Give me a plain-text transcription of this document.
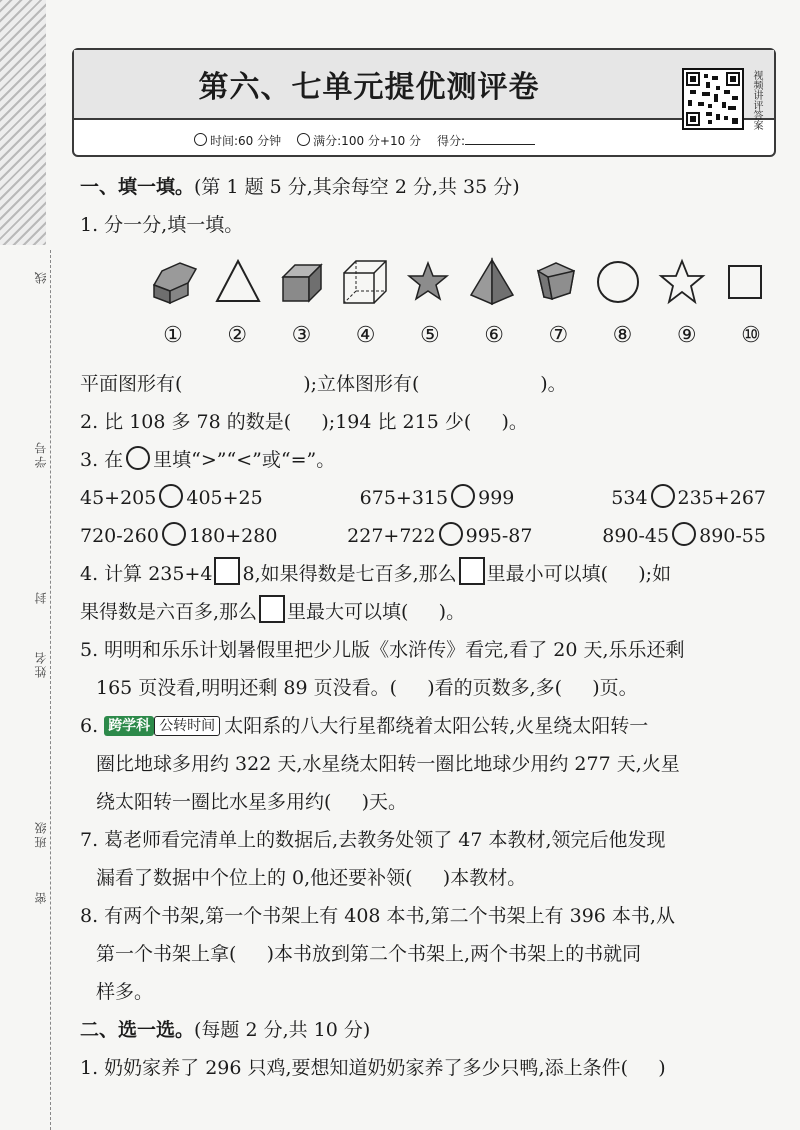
线
学号
封
姓名
班级
密
第六、七单元提优测评卷	视频讲评答案
时间:60 分钟	满分:100 分+10 分 得分:
一、填一填。(第 1 题 5 分,其余每空 2 分,共 35 分)
1. 分一分,填一填。
①	②	③	④	⑤	⑥	⑦	⑧	⑨	⑩
平面图形有(                    );立体图形有(                    )。
2. 比 108 多 78 的数是(     );194 比 215 少(     )。
3. 在 里填“>”“<”或“=”。
45+205 405+25	675+315 999	534 235+267
720-260 180+280	227+722 995-87	890-45 890-55
4. 计算 235+4 8,如果得数是七百多,那么 里最小可以填(     );如
果得数是六百多,那么 里最大可以填(     )。
5. 明明和乐乐计划暑假里把少儿版《水浒传》看完,看了 20 天,乐乐还剩
165 页没看,明明还剩 89 页没看。(     )看的页数多,多(     )页。
6. 跨学科 公转时间 太阳系的八大行星都绕着太阳公转,火星绕太阳转一
圈比地球多用约 322 天,水星绕太阳转一圈比地球少用约 277 天,火星
绕太阳转一圈比水星多用约(     )天。
7. 葛老师看完清单上的数据后,去教务处领了 47 本教材,领完后他发现
漏看了数据中个位上的 0,他还要补领(     )本教材。
8. 有两个书架,第一个书架上有 408 本书,第二个书架上有 396 本书,从
第一个书架上拿(     )本书放到第二个书架上,两个书架上的书就同
样多。
二、选一选。(每题 2 分,共 10 分)
1. 奶奶家养了 296 只鸡,要想知道奶奶家养了多少只鸭,添上条件(     )
